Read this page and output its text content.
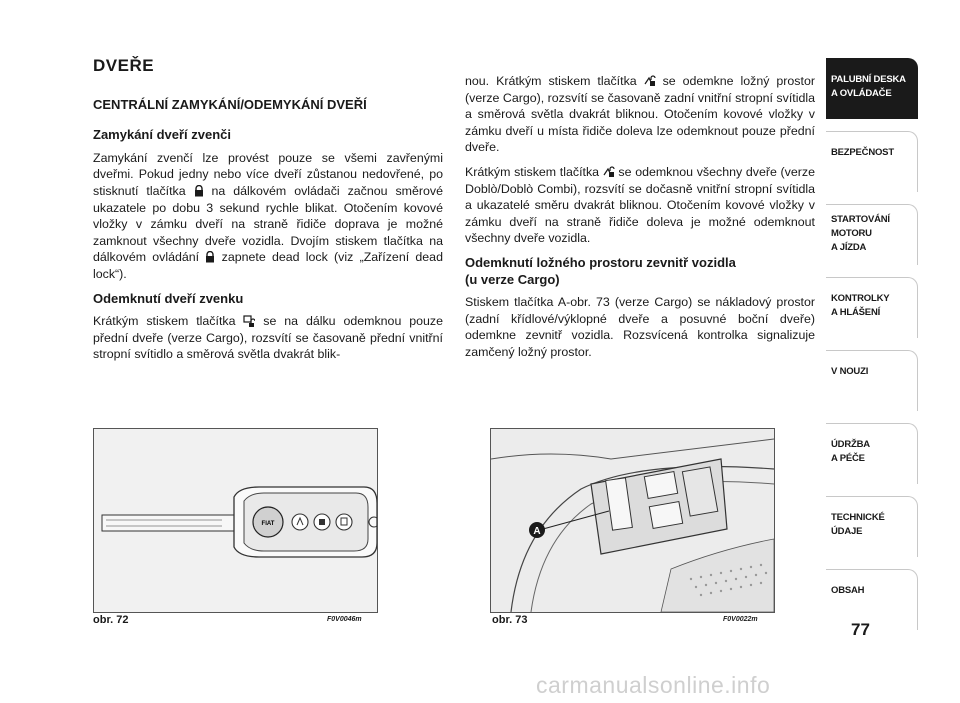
DVEŘE
CENTRÁLNÍ ZAMYKÁNÍ/ODEMYKÁNÍ DVEŘÍ
Zamykání dveří zvenči

Zamykání zvenčí lze provést pouze se všemi zavřenými dveřmi. Pokud jedny nebo více dveří zůstanou nedovřené, po stisknutí tlačítka na dálkovém ovládači začnou směrové ukazatele po dobu 3 sekund rychle blikat. Otočením kovové vložky v zámku dveří na straně řidiče doprava je možné zamknout všechny dveře vozidla. Dvojím stiskem tlačítka na dálkovém ovládání zapnete dead lock (viz „Zařízení dead lock“).

Odemknutí dveří zvenku

Krátkým stiskem tlačítka se na dálku odemknou pouze přední dveře (verze Cargo), rozsvítí se časovaně přední vnitřní stropní svítidlo a směrová světla dvakrát blik-

nou. Krátkým stiskem tlačítka se odemkne ložný prostor (verze Cargo), rozsvítí se časovaně zadní vnitřní stropní svítidla a směrová světla dvakrát bliknou. Otočením kovové vložky v zámku dveří u místa řidiče doleva lze odemknout pouze přední dveře.

Krátkým stiskem tlačítka se odemknou všechny dveře (verze Doblò/Doblò Combi), rozsvítí se dočasně vnitřní stropní svítidla a ukazatelé směru dvakrát bliknou. Otočením kovové vložky v zámku dveří na straně řidiče doleva je možné odemknout všechny dveře vozidla.

Odemknutí ložného prostoru zevnitř vozidla
(u verze Cargo)

Stiskem tlačítka A-obr. 73 (verze Cargo) se nákladový prostor (zadní křídlové/výklopné dveře a posuvné boční dveře) odemkne zevnitř vozidla. Rozsvícená kontrolka signalizuje zamčený ložný prostor.

FIAT
obr. 72	F0V0046m
A
obr. 73	F0V0022m
PALUBNÍ DESKA
A OVLÁDAČE
BEZPEČNOST
STARTOVÁNÍ
MOTORU
A JÍZDA
KONTROLKY
A HLÁŠENÍ
V NOUZI
ÚDRŽBA
A PÉČE
TECHNICKÉ
ÚDAJE
OBSAH
77
carmanualsonline.info
